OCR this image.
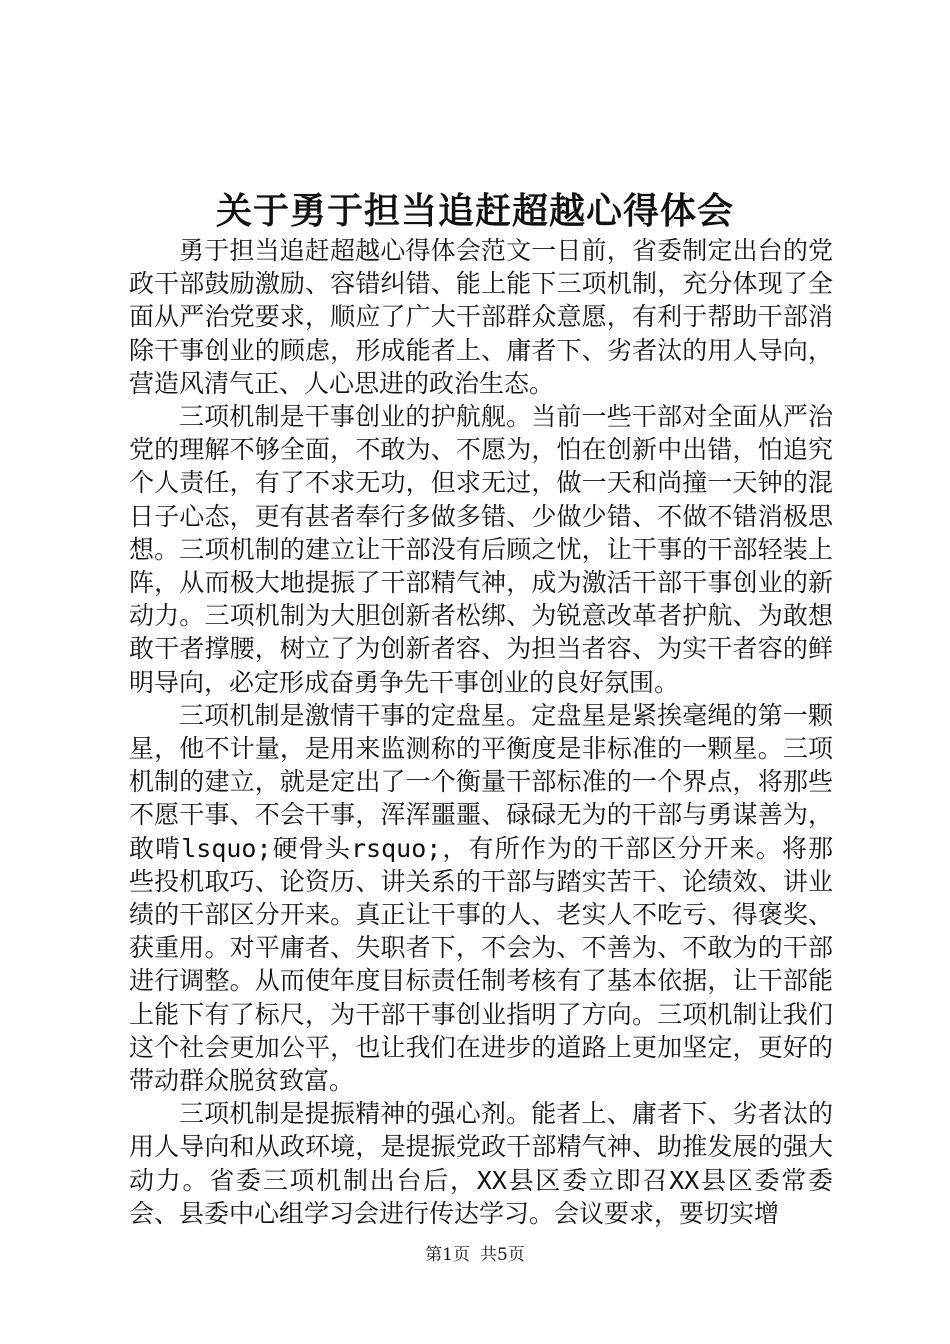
关于勇于担当追赶超越心得体会

勇于担当追赶超越心得体会范文一日前，省委制定出台的党政干部鼓励激励、容错纠错、能上能下三项机制，充分体现了全面从严治党要求，顺应了广大干部群众意愿，有利于帮助干部消除干事创业的顾虑，形成能者上、庸者下、劣者汰的用人导向，营造风清气正、人心思进的政治生态。

三项机制是干事创业的护航舰。当前一些干部对全面从严治党的理解不够全面，不敢为、不愿为，怕在创新中出错，怕追究个人责任，有了不求无功，但求无过，做一天和尚撞一天钟的混日子心态，更有甚者奉行多做多错、少做少错、不做不错消极思想。三项机制的建立让干部没有后顾之忧，让干事的干部轻装上阵，从而极大地提振了干部精气神，成为激活干部干事创业的新动力。三项机制为大胆创新者松绑、为锐意改革者护航、为敢想敢干者撑腰，树立了为创新者容、为担当者容、为实干者容的鲜明导向，必定形成奋勇争先干事创业的良好氛围。

三项机制是激情干事的定盘星。定盘星是紧挨毫绳的第一颗星，他不计量，是用来监测称的平衡度是非标准的一颗星。三项机制的建立，就是定出了一个衡量干部标准的一个界点，将那些不愿干事、不会干事，浑浑噩噩、碌碌无为的干部与勇谋善为，敢啃lsquo;硬骨头rsquo;，有所作为的干部区分开来。将那些投机取巧、论资历、讲关系的干部与踏实苦干、论绩效、讲业绩的干部区分开来。真正让干事的人、老实人不吃亏、得褒奖、获重用。对平庸者、失职者下，不会为、不善为、不敢为的干部进行调整。从而使年度目标责任制考核有了基本依据，让干部能上能下有了标尺，为干部干事创业指明了方向。三项机制让我们这个社会更加公平，也让我们在进步的道路上更加坚定，更好的带动群众脱贫致富。

三项机制是提振精神的强心剂。能者上、庸者下、劣者汰的用人导向和从政环境，是提振党政干部精气神、助推发展的强大动力。省委三项机制出台后，XX县区委立即召XX县区委常委会、县委中心组学习会进行传达学习。会议要求，要切实增

第1页 共5页
